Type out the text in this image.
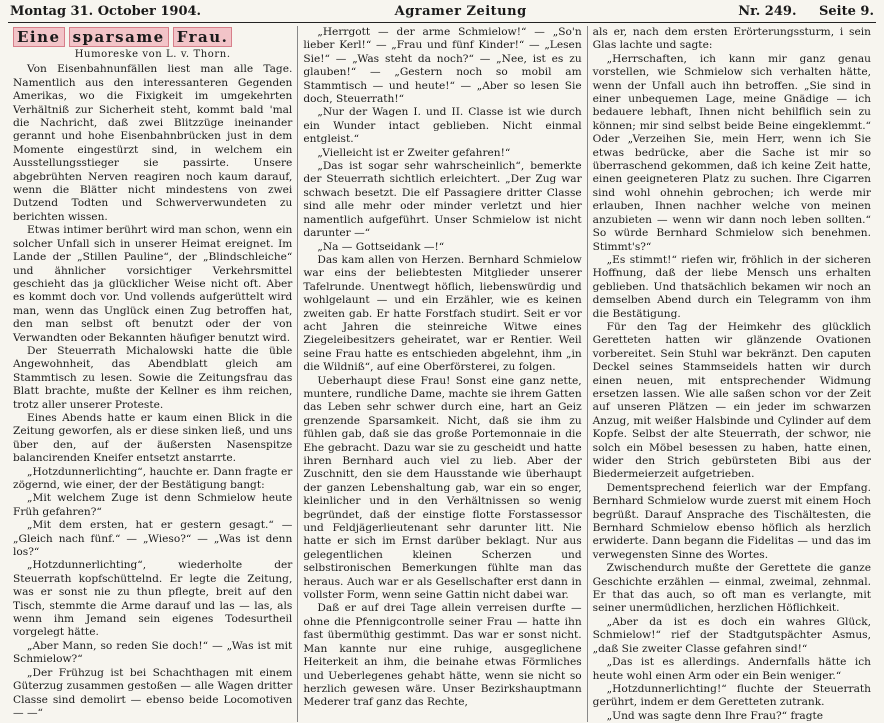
Montag 31. October 1904.	Agramer Zeitung	Nr. 249. Seite 9.
Eine sparsame Frau.
Humoreske von L. v. Thorn.

Von Eisenbahnunfällen liest man alle Tage. Namentlich aus den interessanteren Gegenden Amerikas, wo die Fixigkeit im umgekehrten Verhältniß zur Sicherheit steht, kommt bald 'mal die Nachricht, daß zwei Blitzzüge ineinander gerannt und hohe Eisenbahnbrücken just in dem Momente eingestürzt sind, in welchem ein Ausstellungsstieger sie passirte. Unsere abgebrühten Nerven reagiren noch kaum darauf, wenn die Blätter nicht mindestens von zwei Dutzend Todten und Schwerverwundeten zu berichten wissen.

Etwas intimer berührt wird man schon, wenn ein solcher Unfall sich in unserer Heimat ereignet. Im Lande der „Stillen Pauline“, der „Blindschleiche“ und ähnlicher vorsichtiger Verkehrsmittel geschieht das ja glücklicher Weise nicht oft. Aber es kommt doch vor. Und vollends aufgerüttelt wird man, wenn das Unglück einen Zug betroffen hat, den man selbst oft benutzt oder der von Verwandten oder Bekannten häufiger benutzt wird.

Der Steuerrath Michalowski hatte die üble Angewohnheit, das Abendblatt gleich am Stammtisch zu lesen. Sowie die Zeitungsfrau das Blatt brachte, mußte der Kellner es ihm reichen, trotz aller unserer Proteste.

Eines Abends hatte er kaum einen Blick in die Zeitung geworfen, als er diese sinken ließ, und uns über den, auf der äußersten Nasenspitze balancirenden Kneifer entsetzt anstarrte.

„Hotzdunnerlichting“, hauchte er. Dann fragte er zögernd, wie einer, der der Bestätigung bangt:

„Mit welchem Zuge ist denn Schmielow heute Früh gefahren?“

„Mit dem ersten, hat er gestern gesagt.“ — „Gleich nach fünf.“ — „Wieso?“ — „Was ist denn los?“

„Hotzdunnerlichting“, wiederholte der Steuerrath kopfschüttelnd. Er legte die Zeitung, was er sonst nie zu thun pflegte, breit auf den Tisch, stemmte die Arme darauf und las — las, als wenn ihm Jemand sein eigenes Todesurtheil vorgelegt hätte.

„Aber Mann, so reden Sie doch!“ — „Was ist mit Schmielow?“

„Der Frühzug ist bei Schachthagen mit einem Güterzug zusammen gestoßen — alle Wagen dritter Classe sind demolirt — ebenso beide Locomotiven — —“

„Herrgott — der arme Schmielow!“ — „So'n lieber Kerl!“ — „Frau und fünf Kinder!“ — „Lesen Sie!“ — „Was steht da noch?“ — „Nee, ist es zu glauben!“ — „Gestern noch so mobil am Stammtisch — und heute!“ — „Aber so lesen Sie doch, Steuerrath!“

„Nur der Wagen I. und II. Classe ist wie durch ein Wunder intact geblieben. Nicht einmal entgleist.“

„Vielleicht ist er Zweiter gefahren!“

„Das ist sogar sehr wahrscheinlich“, bemerkte der Steuerrath sichtlich erleichtert. „Der Zug war schwach besetzt. Die elf Passagiere dritter Classe sind alle mehr oder minder verletzt und hier namentlich aufgeführt. Unser Schmielow ist nicht darunter —“

„Na — Gottseidank —!“

Das kam allen von Herzen. Bernhard Schmielow war eins der beliebtesten Mitglieder unserer Tafelrunde. Unentwegt höflich, liebenswürdig und wohlgelaunt — und ein Erzähler, wie es keinen zweiten gab. Er hatte Forstfach studirt. Seit er vor acht Jahren die steinreiche Witwe eines Ziegeleibesitzers geheiratet, war er Rentier. Weil seine Frau hatte es entschieden abgelehnt, ihm „in die Wildniß“, auf eine Oberförsterei, zu folgen.

Ueberhaupt diese Frau! Sonst eine ganz nette, muntere, rundliche Dame, machte sie ihrem Gatten das Leben sehr schwer durch eine, hart an Geiz grenzende Sparsamkeit. Nicht, daß sie ihm zu fühlen gab, daß sie das große Portemonnaie in die Ehe gebracht. Dazu war sie zu gescheidt und hatte ihren Bernhard auch viel zu lieb. Aber der Zuschnitt, den sie dem Hausstande wie überhaupt der ganzen Lebenshaltung gab, war ein so enger, kleinlicher und in den Verhältnissen so wenig begründet, daß der einstige flotte Forstassessor und Feldjägerlieutenant sehr darunter litt. Nie hatte er sich im Ernst darüber beklagt. Nur aus gelegentlichen kleinen Scherzen und selbstironischen Bemerkungen fühlte man das heraus. Auch war er als Gesellschafter erst dann in vollster Form, wenn seine Gattin nicht dabei war.

Daß er auf drei Tage allein verreisen durfte — ohne die Pfennigcontrolle seiner Frau — hatte ihn fast übermüthig gestimmt. Das war er sonst nicht. Man kannte nur eine ruhige, ausgeglichene Heiterkeit an ihm, die beinahe etwas Förmliches und Ueberlegenes gehabt hätte, wenn sie nicht so herzlich gewesen wäre. Unser Bezirkshauptmann Mederer traf ganz das Rechte,

als er, nach dem ersten Erörterungssturm, i sein Glas lachte und sagte:

„Herrschaften, ich kann mir ganz genau vorstellen, wie Schmielow sich verhalten hätte, wenn der Unfall auch ihn betroffen. „Sie sind in einer unbequemen Lage, meine Gnädige — ich bedauere lebhaft, Ihnen nicht behilflich sein zu können; mir sind selbst beide Beine eingeklemmt.“ Oder „Verzeihen Sie, mein Herr, wenn ich Sie etwas bedrücke, aber die Sache ist mir so überraschend gekommen, daß ich keine Zeit hatte, einen geeigneteren Platz zu suchen. Ihre Cigarren sind wohl ohnehin gebrochen; ich werde mir erlauben, Ihnen nachher welche von meinen anzubieten — wenn wir dann noch leben sollten.“ So würde Bernhard Schmielow sich benehmen. Stimmt's?“

„Es stimmt!“ riefen wir, fröhlich in der sicheren Hoffnung, daß der liebe Mensch uns erhalten geblieben. Und thatsächlich bekamen wir noch an demselben Abend durch ein Telegramm von ihm die Bestätigung.

Für den Tag der Heimkehr des glücklich Geretteten hatten wir glänzende Ovationen vorbereitet. Sein Stuhl war bekränzt. Den caputen Deckel seines Stammseidels hatten wir durch einen neuen, mit entsprechender Widmung ersetzen lassen. Wie alle saßen schon vor der Zeit auf unseren Plätzen — ein jeder im schwarzen Anzug, mit weißer Halsbinde und Cylinder auf dem Kopfe. Selbst der alte Steuerrath, der schwor, nie solch ein Möbel besessen zu haben, hatte einen, wider den Strich gebürsteten Bibi aus der Biedermeierzeit aufgetrieben.

Dementsprechend feierlich war der Empfang. Bernhard Schmielow wurde zuerst mit einem Hoch begrüßt. Darauf Ansprache des Tischältesten, die Bernhard Schmielow ebenso höflich als herzlich erwiderte. Dann begann die Fidelitas — und das im verwegensten Sinne des Wortes.

Zwischendurch mußte der Gerettete die ganze Geschichte erzählen — einmal, zweimal, zehnmal. Er that das auch, so oft man es verlangte, mit seiner unermüdlichen, herzlichen Höflichkeit.

„Aber da ist es doch ein wahres Glück, Schmielow!“ rief der Stadtgutspächter Asmus, „daß Sie zweiter Classe gefahren sind!“

„Das ist es allerdings. Andernfalls hätte ich heute wohl einen Arm oder ein Bein weniger.“

„Hotzdunnerlichting!“ fluchte der Steuerrath gerührt, indem er dem Geretteten zutrank.

„Und was sagte denn Ihre Frau?“ fragte
